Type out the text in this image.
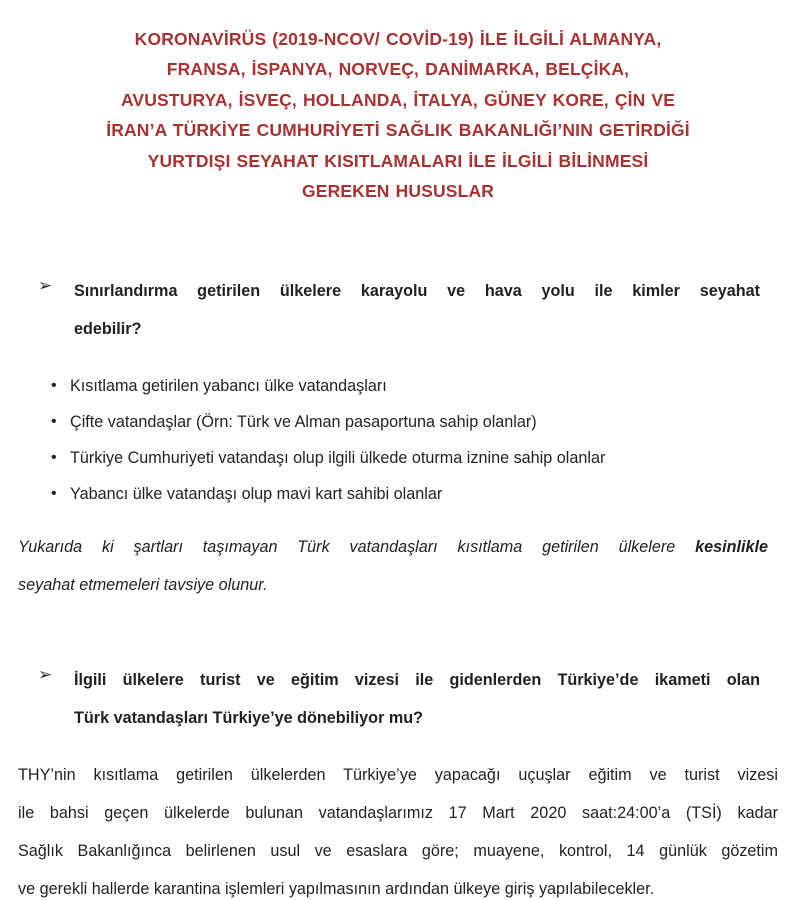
KORONAVİRÜS (2019-NCOV/ COVİD-19) İLE İLGİLİ ALMANYA,
FRANSA, İSPANYA, NORVEÇ, DANİMARKA, BELÇİKA,
AVUSTURYA, İSVEÇ, HOLLANDA, İTALYA, GÜNEY KORE, ÇİN VE
İRAN’A TÜRKİYE CUMHURİYETİ SAĞLIK BAKANLIĞI’NIN GETİRDİĞİ
YURTDIŞI SEYAHAT KISITLAMALARI İLE İLGİLİ BİLİNMESİ
GEREKEN HUSUSLAR
➢	Sınırlandırma getirilen ülkelere karayolu ve hava yolu ile kimler seyahat
edebilir?
• Kısıtlama getirilen yabancı ülke vatandaşları
• Çifte vatandaşlar (Örn: Türk ve Alman pasaportuna sahip olanlar)
• Türkiye Cumhuriyeti vatandaşı olup ilgili ülkede oturma iznine sahip olanlar
• Yabancı ülke vatandaşı olup mavi kart sahibi olanlar
Yukarıda ki şartları taşımayan Türk vatandaşları kısıtlama getirilen ülkelere kesinlikle
seyahat etmemeleri tavsiye olunur.
➢	İlgili ülkelere turist ve eğitim vizesi ile gidenlerden Türkiye’de ikameti olan
Türk vatandaşları Türkiye’ye dönebiliyor mu?
THY’nin kısıtlama getirilen ülkelerden Türkiye’ye yapacağı uçuşlar eğitim ve turist vizesi
ile bahsi geçen ülkelerde bulunan vatandaşlarımız 17 Mart 2020 saat:24:00’a (TSİ) kadar
Sağlık Bakanlığınca belirlenen usul ve esaslara göre; muayene, kontrol, 14 günlük gözetim
ve gerekli hallerde karantina işlemleri yapılmasının ardından ülkeye giriş yapılabilecekler.
